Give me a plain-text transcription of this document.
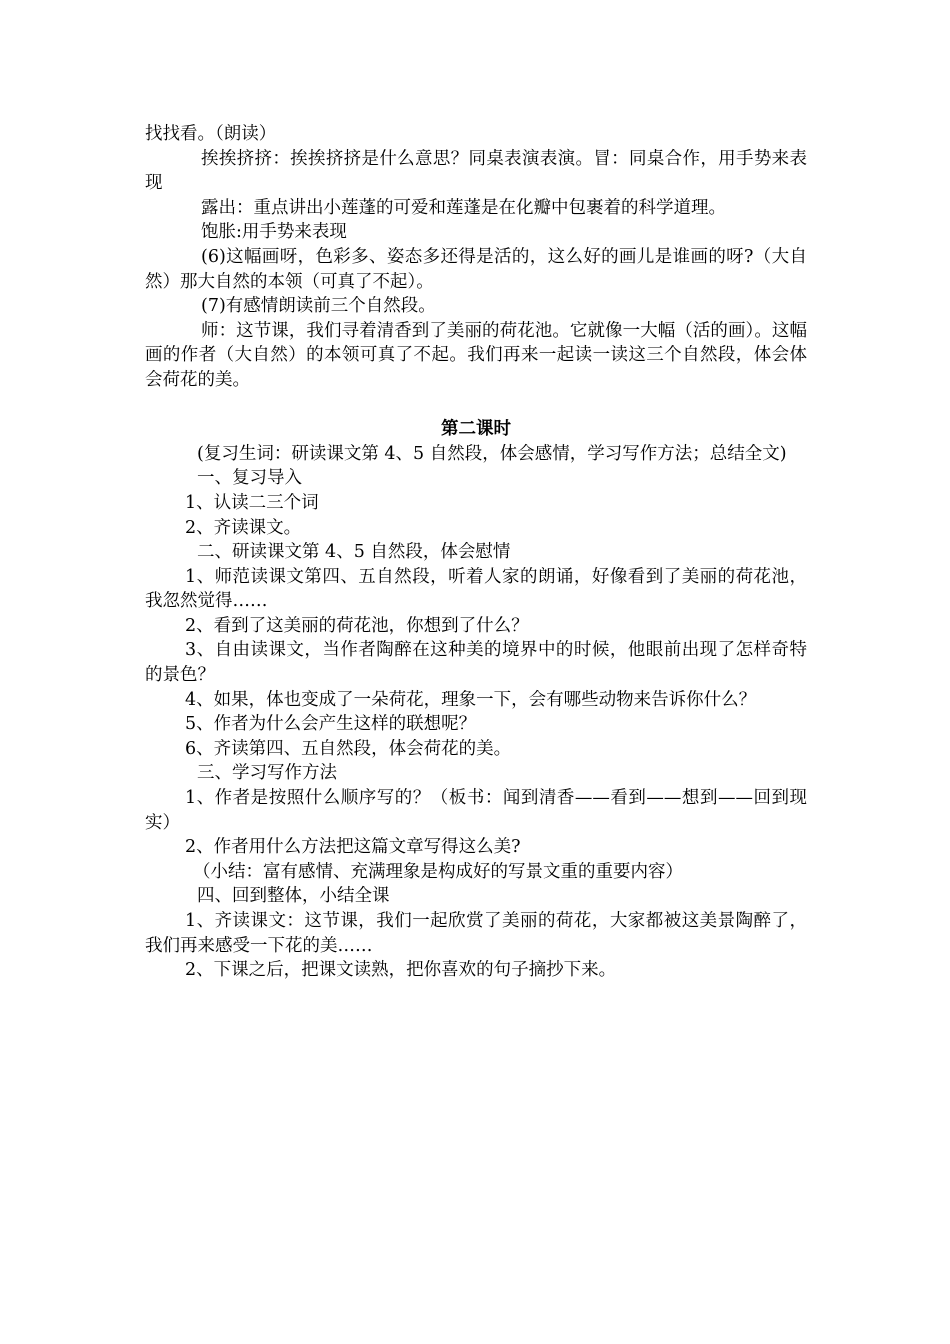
找找看。（朗读）

挨挨挤挤：挨挨挤挤是什么意思？同桌表演表演。冒：同桌合作，用手势来表现

露出：重点讲出小莲蓬的可爱和莲蓬是在化瓣中包裹着的科学道理。

饱胀:用手势来表现

(6)这幅画呀，色彩多、姿态多还得是活的，这么好的画儿是谁画的呀?（大自然）那大自然的本领（可真了不起）。

(7)有感情朗读前三个自然段。

师：这节课，我们寻着清香到了美丽的荷花池。它就像一大幅（活的画）。这幅画的作者（大自然）的本领可真了不起。我们再来一起读一读这三个自然段，体会体会荷花的美。

第二课时

(复习生词：研读课文第 4、5 自然段，体会感情，学习写作方法；总结全文)

一、复习导入

1、认读二三个词

2、齐读课文。

二、研读课文第 4、5 自然段，体会慰情

1、师范读课文第四、五自然段，听着人家的朗诵，好像看到了美丽的荷花池，我忽然觉得……

2、看到了这美丽的荷花池，你想到了什么？

3、自由读课文，当作者陶醉在这种美的境界中的时候，他眼前出现了怎样奇特的景色？

4、如果，体也变成了一朵荷花，理象一下，会有哪些动物来告诉你什么？

5、作者为什么会产生这样的联想呢？

6、齐读第四、五自然段，体会荷花的美。

三、学习写作方法

1、作者是按照什么顺序写的？（板书：闻到清香——看到——想到——回到现实）

2、作者用什么方法把这篇文章写得这么美?

（小结：富有感情、充满理象是构成好的写景文重的重要内容）

四、回到整体，小结全课

1、齐读课文：这节课，我们一起欣赏了美丽的荷花，大家都被这美景陶醉了，我们再来感受一下花的美……

2、下课之后，把课文读熟，把你喜欢的句子摘抄下来。
